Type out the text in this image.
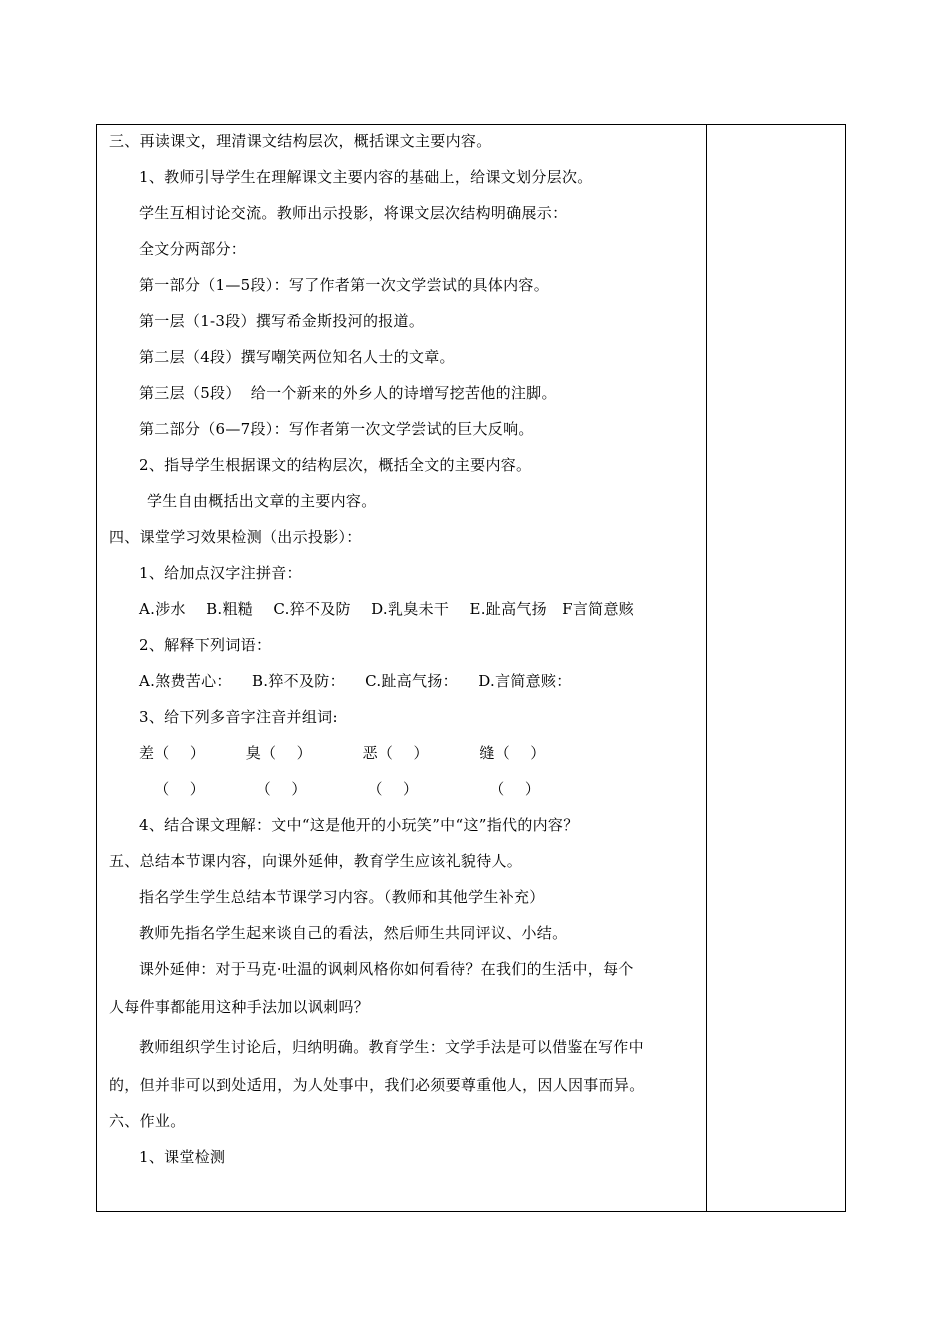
三、再读课文，理清课文结构层次，概括课文主要内容。
1、教师引导学生在理解课文主要内容的基础上，给课文划分层次。
学生互相讨论交流。教师出示投影，将课文层次结构明确展示：
全文分两部分：
第一部分（1—5段）：写了作者第一次文学尝试的具体内容。
第一层（1-3段）撰写希金斯投河的报道。
第二层（4段）撰写嘲笑两位知名人士的文章。
第三层（5段）  给一个新来的外乡人的诗增写挖苦他的注脚。
第二部分（6—7段）：写作者第一次文学尝试的巨大反响。
2、指导学生根据课文的结构层次，概括全文的主要内容。
学生自由概括出文章的主要内容。
四、课堂学习效果检测（出示投影）：
1、给加点汉字注拼音：
A.涉水    B.粗糙    C.猝不及防    D.乳臭未干    E.趾高气扬   F言简意赅
2、解释下列词语：
A.煞费苦心：    B.猝不及防：    C.趾高气扬：    D.言简意赅：
3、给下列多音字注音并组词:
差（    ）        臭（    ）          恶（    ）          缝（    ）
（    ）          （    ）            （    ）              （    ）
4、结合课文理解：文中“这是他开的小玩笑”中“这”指代的内容？
五、总结本节课内容，向课外延伸，教育学生应该礼貌待人。
指名学生学生总结本节课学习内容。（教师和其他学生补充）
教师先指名学生起来谈自己的看法，然后师生共同评议、小结。
课外延伸：对于马克·吐温的讽刺风格你如何看待？在我们的生活中，每个
人每件事都能用这种手法加以讽刺吗？
教师组织学生讨论后，归纳明确。教育学生：文学手法是可以借鉴在写作中
的，但并非可以到处适用，为人处事中，我们必须要尊重他人，因人因事而异。
六、作业。
1、课堂检测
